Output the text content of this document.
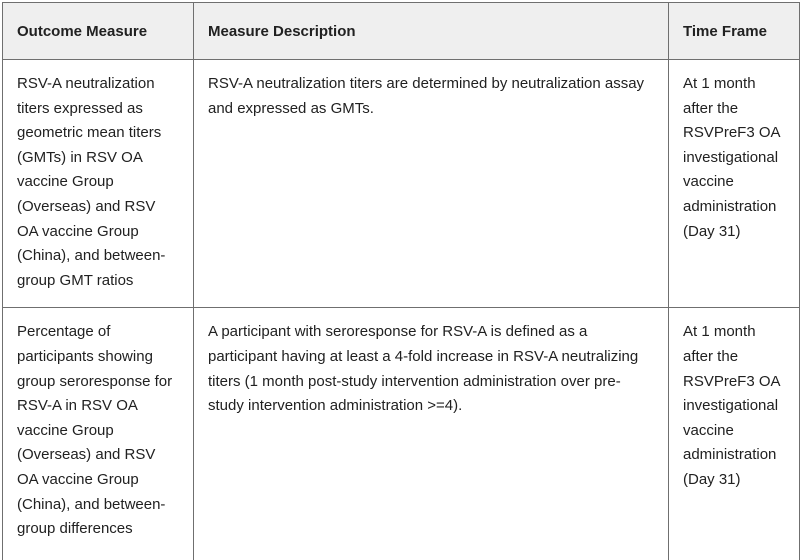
Outcome Measure	Measure Description	Time Frame

RSV-A neutralization titers expressed as geometric mean titers (GMTs) in RSV OA vaccine Group (Overseas) and RSV OA vaccine Group (China), and between-group GMT ratios	RSV-A neutralization titers are determined by neutralization assay and expressed as GMTs.	At 1 month after the RSVPreF3 OA investigational vaccine administration (Day 31)

Percentage of participants showing group seroresponse for RSV-A in RSV OA vaccine Group (Overseas) and RSV OA vaccine Group (China), and between-group differences	A participant with seroresponse for RSV-A is defined as a participant having at least a 4-fold increase in RSV-A neutralizing titers (1 month post-study intervention administration over pre-study intervention administration >=4).	At 1 month after the RSVPreF3 OA investigational vaccine administration (Day 31)
